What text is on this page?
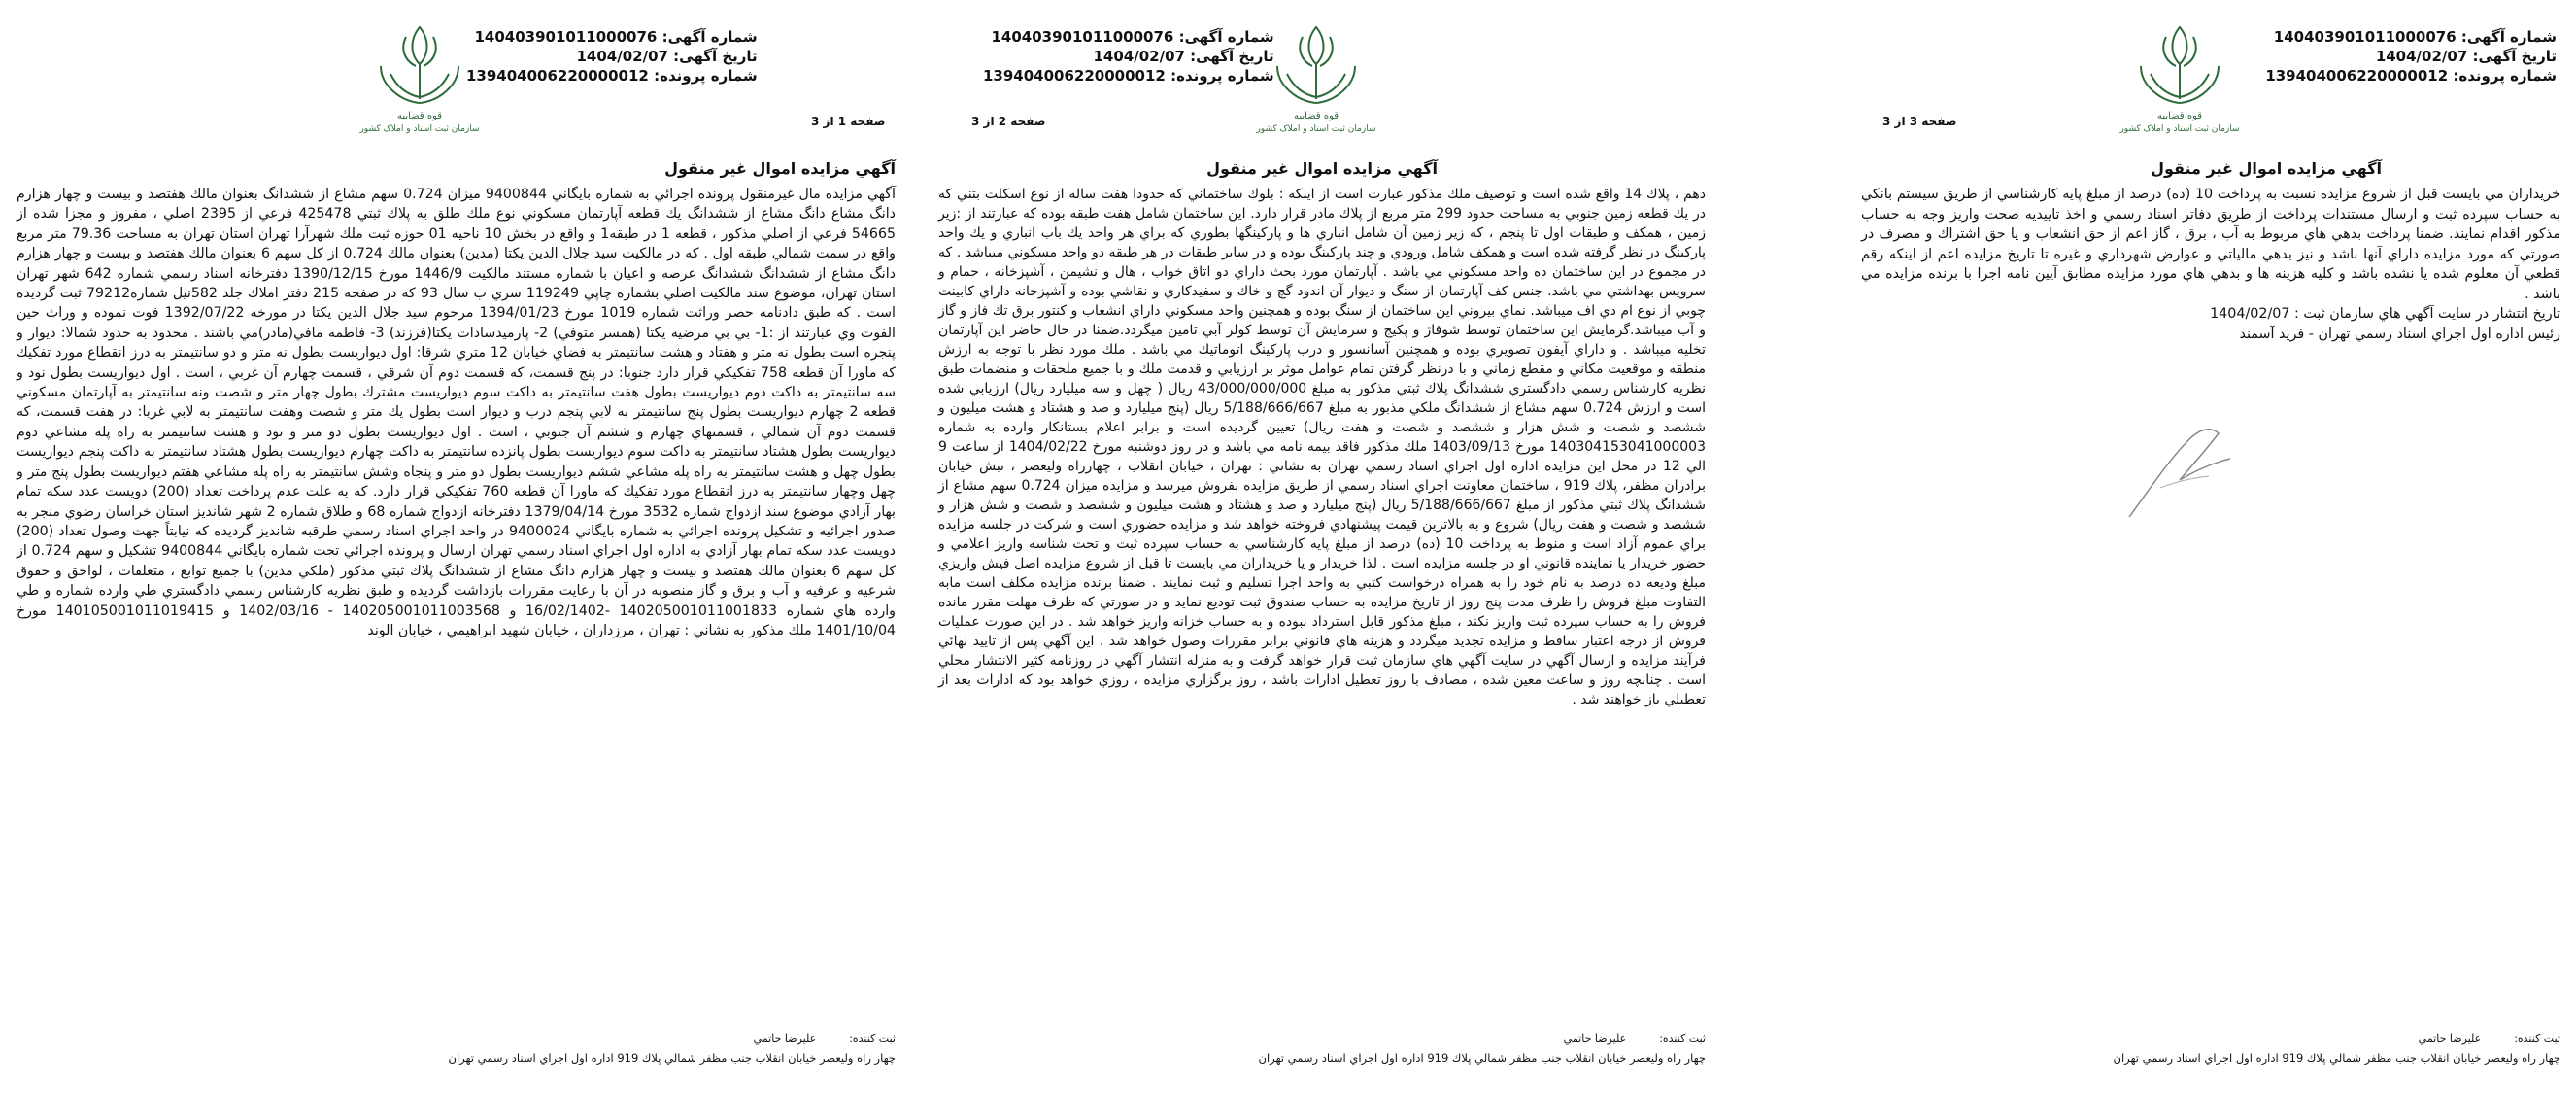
شماره آگهی: 140403901011000076
تاریخ آگهی: 1404/02/07
شماره پرونده: 139404006220000012
قوه قضاییه
سازمان ثبت اسناد و املاک کشور
صفحه 3 از 3
آگهي مزايده اموال غير منقول
خريداران مي بايست قبل از شروع مزايده نسبت به پرداخت 10 (ده) درصد از مبلغ پايه كارشناسي از طريق سيستم بانكي به حساب سپرده ثبت و ارسال مستندات پرداخت از طريق دفاتر اسناد رسمي و اخذ تاييديه صحت واريز وجه به حساب مذكور اقدام نمايند. ضمنا پرداخت بدهي هاي مربوط به آب ، برق ، گاز اعم از حق انشعاب و يا حق اشتراك و مصرف در صورتي كه مورد مزايده داراي آنها باشد و نيز بدهي مالياتي و عوارض شهرداري و غيره تا تاريخ مزايده اعم از اينكه رقم قطعي آن معلوم شده يا نشده باشد و كليه هزينه ها و بدهي هاي مورد مزايده مطابق آيين نامه اجرا با برنده مزايده مي باشد .
تاريخ انتشار در سايت آگهي هاي سازمان ثبت : 1404/02/07
رئيس اداره اول اجراي اسناد رسمي تهران - فريد آسمند
ثبت كننده:
عليرضا حاتمي
چهار راه وليعصر خيابان انقلاب جنب مظفر شمالي پلاك 919 اداره اول اجراي اسناد رسمي تهران
شماره آگهی: 140403901011000076
تاریخ آگهی: 1404/02/07
شماره پرونده: 139404006220000012
قوه قضاییه
سازمان ثبت اسناد و املاک کشور
صفحه 2 از 3
آگهي مزايده اموال غير منقول
دهم ، پلاك 14 واقع شده است و توصيف ملك مذكور عبارت است از اينكه : بلوك ساختماني كه حدودا هفت ساله از نوع اسكلت بتني كه در يك قطعه زمين جنوبي به مساحت حدود 299 متر مربع از پلاك مادر قرار دارد. اين ساختمان شامل هفت طبقه بوده كه عبارتند از :زير زمين ، همكف و طبقات اول تا پنجم ، كه زير زمين آن شامل انباري ها و پاركينگها بطوري كه براي هر واحد يك باب انباري و يك واحد پاركينگ در نظر گرفته شده است و همكف شامل ورودي و چند پاركينگ بوده و در ساير طبقات در هر طبقه دو واحد مسكوني ميباشد . كه در مجموع در اين ساختمان ده واحد مسكوني مي باشد . آپارتمان مورد بحث داراي دو اتاق خواب ، هال و نشيمن ، آشپزخانه ، حمام و سرويس بهداشتي مي باشد. جنس كف آپارتمان از سنگ و ديوار آن اندود گچ و خاك و سفيدكاري و نقاشي بوده و آشپزخانه داراي كابينت چوبي از نوع ام دي اف ميباشد. نماي بيروني اين ساختمان از سنگ بوده و همچنين واحد مسكوني داراي انشعاب و كنتور برق تك فاز و گاز و آب ميباشد.گرمايش اين ساختمان توسط شوفاژ و پكيج و سرمايش آن توسط كولر آبي تامين ميگردد.ضمنا در حال حاضر اين آپارتمان تخليه ميباشد . و داراي آيفون تصويري بوده و همچنين آسانسور و درب پاركينگ اتوماتيك مي باشد . ملك مورد نظر با توجه به ارزش منطقه و موقعيت مكاني و مقطع زماني و با درنظر گرفتن تمام عوامل موثر بر ارزيابي و قدمت ملك و با جميع ملحقات و منضمات طبق نظريه كارشناس رسمي دادگستري ششدانگ پلاك ثبتي مذكور به مبلغ 43/000/000/000 ريال ( چهل و سه ميليارد ريال) ارزيابي شده است و ارزش 0.724 سهم مشاع از ششدانگ ملكي مذبور به مبلغ 5/188/666/667 ريال (پنج ميليارد و صد و هشتاد و هشت ميليون و ششصد و شصت و شش هزار و ششصد و شصت و هفت ريال) تعيين گرديده است و برابر اعلام بستانكار وارده به شماره 140304153041000003 مورخ 1403/09/13 ملك مذكور فاقد بيمه نامه مي باشد و در روز دوشنبه مورخ 1404/02/22 از ساعت 9 الي 12 در محل اين مزايده اداره اول اجراي اسناد رسمي تهران به نشاني : تهران ، خيابان انقلاب ، چهارراه وليعصر ، نبش خيابان برادران مظفر، پلاك 919 ، ساختمان معاونت اجراي اسناد رسمي از طريق مزايده بفروش ميرسد و مزايده ميزان 0.724 سهم مشاع از ششدانگ پلاك ثبتي مذكور از مبلغ 5/188/666/667 ريال (پنج ميليارد و صد و هشتاد و هشت ميليون و ششصد و شصت و شش هزار و ششصد و شصت و هفت ريال) شروع و به بالاترين قيمت پيشنهادي فروخته خواهد شد و مزايده حضوري است و شركت در جلسه مزايده براي عموم آزاد است و منوط به پرداخت 10 (ده) درصد از مبلغ پايه كارشناسي به حساب سپرده ثبت و تحت شناسه واريز اعلامي و حضور خريدار يا نماينده قانوني او در جلسه مزايده است . لذا خريدار و يا خريداران مي بايست تا قبل از شروع مزايده اصل فيش واريزي مبلغ وديعه ده درصد به نام خود را به همراه درخواست كتبي به واحد اجرا تسليم و ثبت نمايند . ضمنا برنده مزايده مكلف است مابه التفاوت مبلغ فروش را ظرف مدت پنج روز از تاريخ مزايده به حساب صندوق ثبت توديع نمايد و در صورتي كه ظرف مهلت مقرر مانده فروش را به حساب سپرده ثبت واريز نكند ، مبلغ مذكور قابل استرداد نبوده و به حساب خزانه واريز خواهد شد . در اين صورت عمليات فروش از درجه اعتبار ساقط و مزايده تجديد ميگردد و هزينه هاي قانوني برابر مقررات وصول خواهد شد . اين آگهي پس از تاييد نهائي فرآيند مزايده و ارسال آگهي در سايت آگهي هاي سازمان ثبت قرار خواهد گرفت و به منزله انتشار آگهي در روزنامه كثير الانتشار محلي است . چنانچه روز و ساعت معين شده ، مصادف با روز تعطيل ادارات باشد ، روز برگزاري مزايده ، روزي خواهد بود كه ادارات بعد از تعطيلي باز خواهند شد .
ثبت كننده:
عليرضا حاتمي
چهار راه وليعصر خيابان انقلاب جنب مظفر شمالي پلاك 919 اداره اول اجراي اسناد رسمي تهران
شماره آگهی: 140403901011000076
تاریخ آگهی: 1404/02/07
شماره پرونده: 139404006220000012
قوه قضاییه
سازمان ثبت اسناد و املاک کشور
صفحه 1 از 3
آگهي مزايده اموال غير منقول
آگهي مزايده مال غيرمنقول پرونده اجرائي به شماره بايگاني 9400844 ميزان 0.724 سهم مشاع از ششدانگ بعنوان مالك هفتصد و بيست و چهار هزارم دانگ مشاع دانگ مشاع از ششدانگ يك قطعه آپارتمان مسكوني نوع ملك طلق به پلاك ثبتي 425478 فرعي از 2395 اصلي ، مفروز و مجزا شده از 54665 فرعي از اصلي مذكور ، قطعه 1 در طبقه1 و واقع در بخش 10 ناحيه 01 حوزه ثبت ملك شهرآرا تهران استان تهران به مساحت 79.36 متر مربع واقع در سمت شمالي طبقه اول . كه در مالكيت سيد جلال الدين يكتا (مدين) بعنوان مالك 0.724 از كل سهم 6 بعنوان مالك هفتصد و بيست و چهار هزارم دانگ مشاع از ششدانگ ششدانگ عرصه و اعيان با شماره مستند مالكيت 1446/9 مورخ 1390/12/15 دفترخانه اسناد رسمي شماره 642 شهر تهران استان تهران، موضوع سند مالكيت اصلي بشماره چاپي 119249 سري ب سال 93 كه در صفحه 215 دفتر املاك جلد 582نيل شماره79212 ثبت گرديده است . كه طبق دادنامه حصر وراثت شماره 1019 مورخ 1394/01/23 مرحوم سيد جلال الدين يكتا در مورخه 1392/07/22 فوت نموده و وراث حين الفوت وي عبارتند از :1- بي بي مرضيه يكتا (همسر متوفي) 2- پارميدسادات يكتا(فرزند) 3- فاطمه مافي(مادر)مي باشند . محدود به حدود شمالا: ديوار و پنجره است بطول نه متر و هفتاد و هشت سانتيمتر به فضاي خيابان 12 متري شرقا: اول ديواريست بطول نه متر و دو سانتيمتر به درز انقطاع مورد تفكيك كه ماورا آن قطعه 758 تفكيكي قرار دارد جنوبا: در پنج قسمت، كه قسمت دوم آن شرقي ، قسمت چهارم آن غربي ، است . اول ديواريست بطول نود و سه سانتيمتر به داكت دوم ديواريست بطول هفت سانتيمتر به داكت سوم ديواريست مشترك بطول چهار متر و شصت ونه سانتيمتر به آپارتمان مسكوني قطعه 2 چهارم ديواريست بطول پنج سانتيمتر به لابي پنجم درب و ديوار است بطول يك متر و شصت وهفت سانتيمتر به لابي غربا: در هفت قسمت، كه قسمت دوم آن شمالي ، قسمتهاي چهارم و ششم آن جنوبي ، است . اول ديواريست بطول دو متر و نود و هشت سانتيمتر به راه پله مشاعي دوم ديواريست بطول هشتاد سانتيمتر به داكت سوم ديواريست بطول پانزده سانتيمتر به داكت چهارم ديواريست بطول هشتاد سانتيمتر به داكت پنجم ديواريست بطول چهل و هشت سانتيمتر به راه پله مشاعي ششم ديواريست بطول دو متر و پنجاه وشش سانتيمتر به راه پله مشاعي هفتم ديواريست بطول پنج متر و چهل وچهار سانتيمتر به درز انقطاع مورد تفكيك كه ماورا آن قطعه 760 تفكيكي قرار دارد. كه به علت عدم پرداخت تعداد (200) دويست عدد سكه تمام بهار آزادي موضوع سند ازدواج شماره 3532 مورخ 1379/04/14 دفترخانه ازدواج شماره 68 و طلاق شماره 2 شهر شانديز استان خراسان رضوي منجر به صدور اجرائيه و تشكيل پرونده اجرائي به شماره بايگاني 9400024 در واحد اجراي اسناد رسمي طرقبه شانديز گرديده كه نيابتاً جهت وصول تعداد (200) دويست عدد سكه تمام بهار آزادي به اداره اول اجراي اسناد رسمي تهران ارسال و پرونده اجرائي تحت شماره بايگاني 9400844 تشكيل و سهم 0.724 از كل سهم 6 بعنوان مالك هفتصد و بيست و چهار هزارم دانگ مشاع از ششدانگ پلاك ثبتي مذكور (ملكي مدين) با جميع توابع ، متعلقات ، لواحق و حقوق شرعيه و عرفيه و آب و برق و گاز منصوبه در آن با رعايت مقررات بازداشت گرديده و طبق نظريه كارشناس رسمي دادگستري طي وارده شماره و طي وارده هاي شماره 140205001011001833 -16/02/1402 و 140205001011003568 - 1402/03/16 و 140105001011019415 مورخ 1401/10/04 ملك مذكور به نشاني : تهران ، مرزداران ، خيابان شهيد ابراهيمي ، خيابان الوند
ثبت كننده:
عليرضا حاتمي
چهار راه وليعصر خيابان انقلاب جنب مظفر شمالي پلاك 919 اداره اول اجراي اسناد رسمي تهران
